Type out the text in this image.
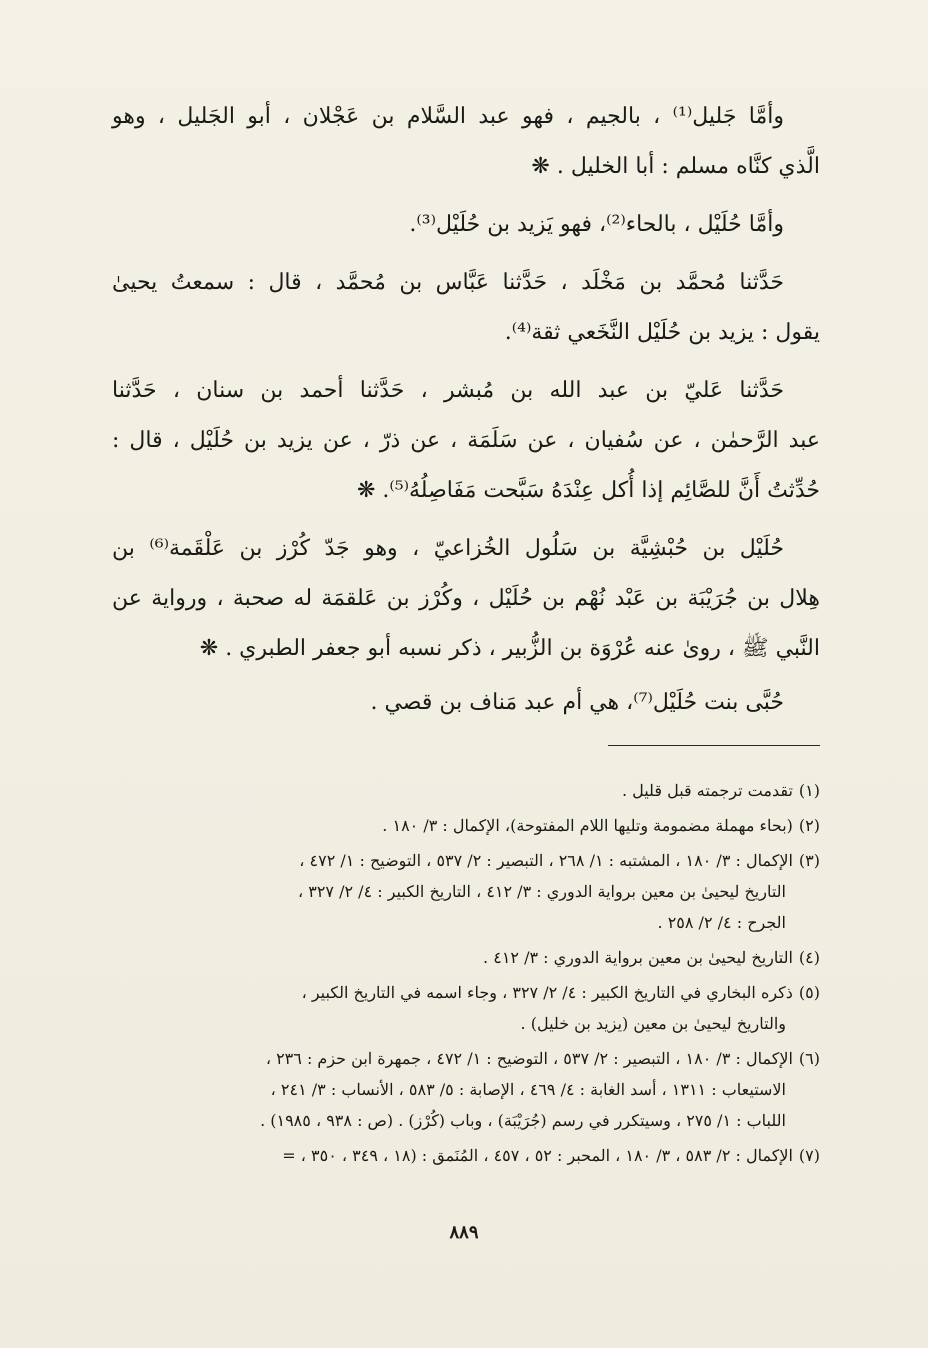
وأمَّا جَليل⁽¹⁾ ، بالجيم ، فهو عبد السَّلام بن عَجْلان ، أبو الجَليل ، وهو
الَّذي كنَّاه مسلم : أبا الخليل . ❋

وأمَّا حُلَيْل ، بالحاء⁽²⁾، فهو يَزيد بن حُلَيْل⁽³⁾.

حَدَّثنا مُحمَّد بن مَخْلَد ، حَدَّثنا عَبَّاس بن مُحمَّد ، قال : سمعتُ يحيىٰ
يقول : يزيد بن حُلَيْل النَّخَعي ثقة⁽⁴⁾.

حَدَّثنا عَليّ بن عبد الله بن مُبشر ، حَدَّثنا أحمد بن سنان ، حَدَّثنا
عبد الرَّحمٰن ، عن سُفيان ، عن سَلَمَة ، عن ذرّ ، عن يزيد بن حُلَيْل ، قال :
حُدِّثتُ أَنَّ للصَّائِم إذا أُكل عِنْدَهُ سَبَّحت مَفَاصِلُهُ⁽⁵⁾. ❋

حُلَيْل بن حُبْشِيَّة بن سَلُول الخُزاعيّ ، وهو جَدّ كُرْز بن عَلْقَمة⁽⁶⁾ بن
هِلال بن جُرَيْبَة بن عَبْد نُهْم بن حُلَيْل ، وكُرْز بن عَلقمَة له صحبة ، ورواية عن
النَّبي ﷺ ، روىٰ عنه عُرْوَة بن الزُّبير ، ذكر نسبه أبو جعفر الطبري . ❋

حُبَّى بنت حُلَيْل⁽⁷⁾، هي أم عبد مَناف بن قصي .

(١)تقدمت ترجمته قبل قليل .

(٢)(بحاء مهملة مضمومة وتليها اللام المفتوحة)، الإكمال : ٣/ ١٨٠ .

(٣)الإكمال : ٣/ ١٨٠ ، المشتبه : ١/ ٢٦٨ ، التبصير : ٢/ ٥٣٧ ، التوضيح : ١/ ٤٧٢ ،
التاريخ ليحيىٰ بن معين برواية الدوري : ٣/ ٤١٢ ، التاريخ الكبير : ٤/ ٢/ ٣٢٧ ،
الجرح : ٤/ ٢/ ٢٥٨ .

(٤)التاريخ ليحيىٰ بن معين برواية الدوري : ٣/ ٤١٢ .

(٥)ذكره البخاري في التاريخ الكبير : ٤/ ٢/ ٣٢٧ ، وجاء اسمه في التاريخ الكبير ،
والتاريخ ليحيىٰ بن معين (يزيد بن خليل) .

(٦)الإكمال : ٣/ ١٨٠ ، التبصير : ٢/ ٥٣٧ ، التوضيح : ١/ ٤٧٢ ، جمهرة ابن حزم : ٢٣٦ ،
الاستيعاب : ١٣١١ ، أسد الغابة : ٤/ ٤٦٩ ، الإصابة : ٥/ ٥٨٣ ، الأنساب : ٣/ ٢٤١ ،
اللباب : ١/ ٢٧٥ ، وسيتكرر في رسم (جُرَيْبَة) ، وباب (كُرْز) . (ص : ٩٣٨ ، ١٩٨٥) .

(٧)الإكمال : ٢/ ٥٨٣ ، ٣/ ١٨٠ ، المحبر : ٥٢ ، ٤٥٧ ، المُنَمق : (١٨ ، ٣٤٩ ، ٣٥٠ ، =

٨٨٩
